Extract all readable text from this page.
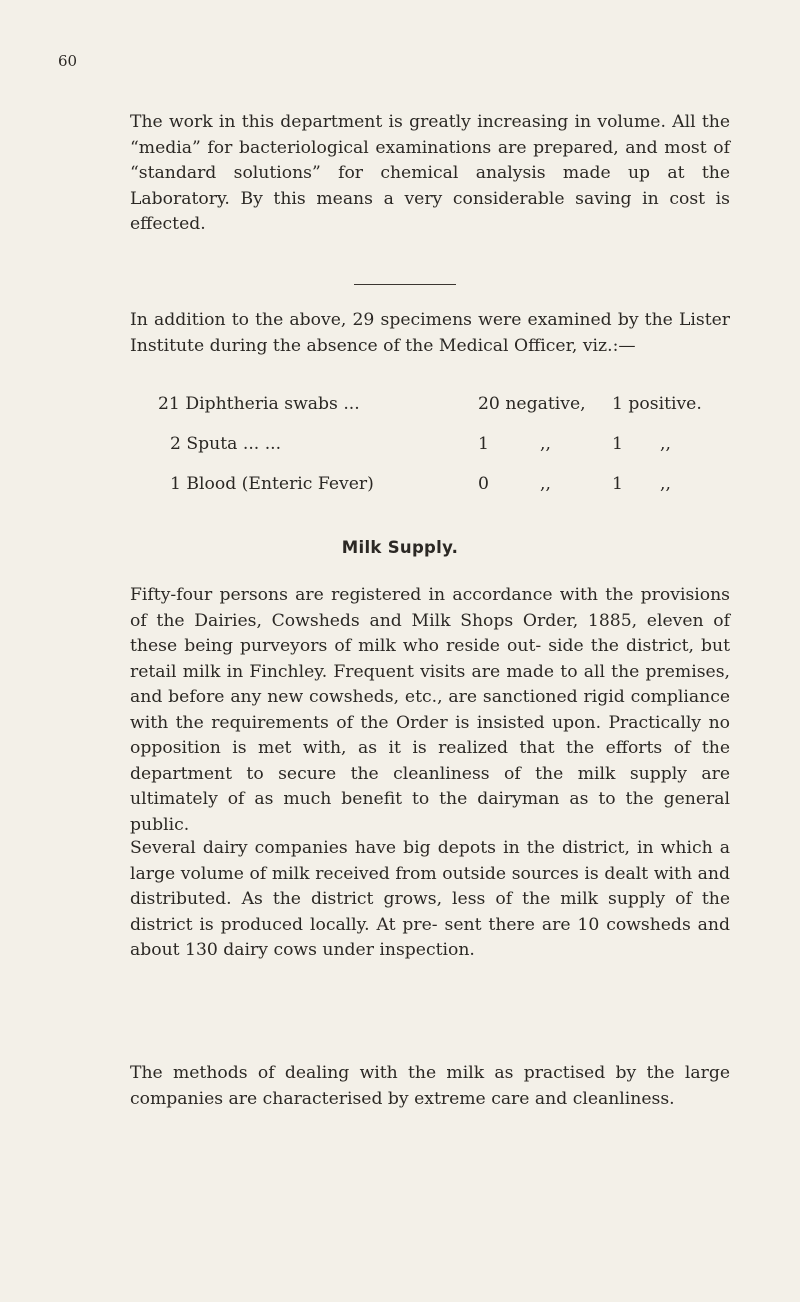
60

The work in this department is greatly increasing in volume. All the “media” for bacteriological examinations are prepared, and most of “standard solutions” for chemical analysis made up at the Laboratory. By this means a very considerable saving in cost is effected.

In addition to the above, 29 specimens were examined by the Lister Institute during the absence of the Medical Officer, viz.:—

21 Diphtheria swabs ...	20 negative, 1 positive.
2 Sputa ... ...	1	,,	1 ,,
1 Blood (Enteric Fever)	0	,,	1 ,,
Milk Supply.

Fifty-four persons are registered in accordance with the provisions of the Dairies, Cowsheds and Milk Shops Order, 1885, eleven of these being purveyors of milk who reside out- side the district, but retail milk in Finchley. Frequent visits are made to all the premises, and before any new cowsheds, etc., are sanctioned rigid compliance with the requirements of the Order is insisted upon. Practically no opposition is met with, as it is realized that the efforts of the department to secure the cleanliness of the milk supply are ultimately of as much benefit to the dairyman as to the general public.

Several dairy companies have big depots in the district, in which a large volume of milk received from outside sources is dealt with and distributed. As the district grows, less of the milk supply of the district is produced locally. At pre- sent there are 10 cowsheds and about 130 dairy cows under inspection.

The methods of dealing with the milk as practised by the large companies are characterised by extreme care and cleanliness.
